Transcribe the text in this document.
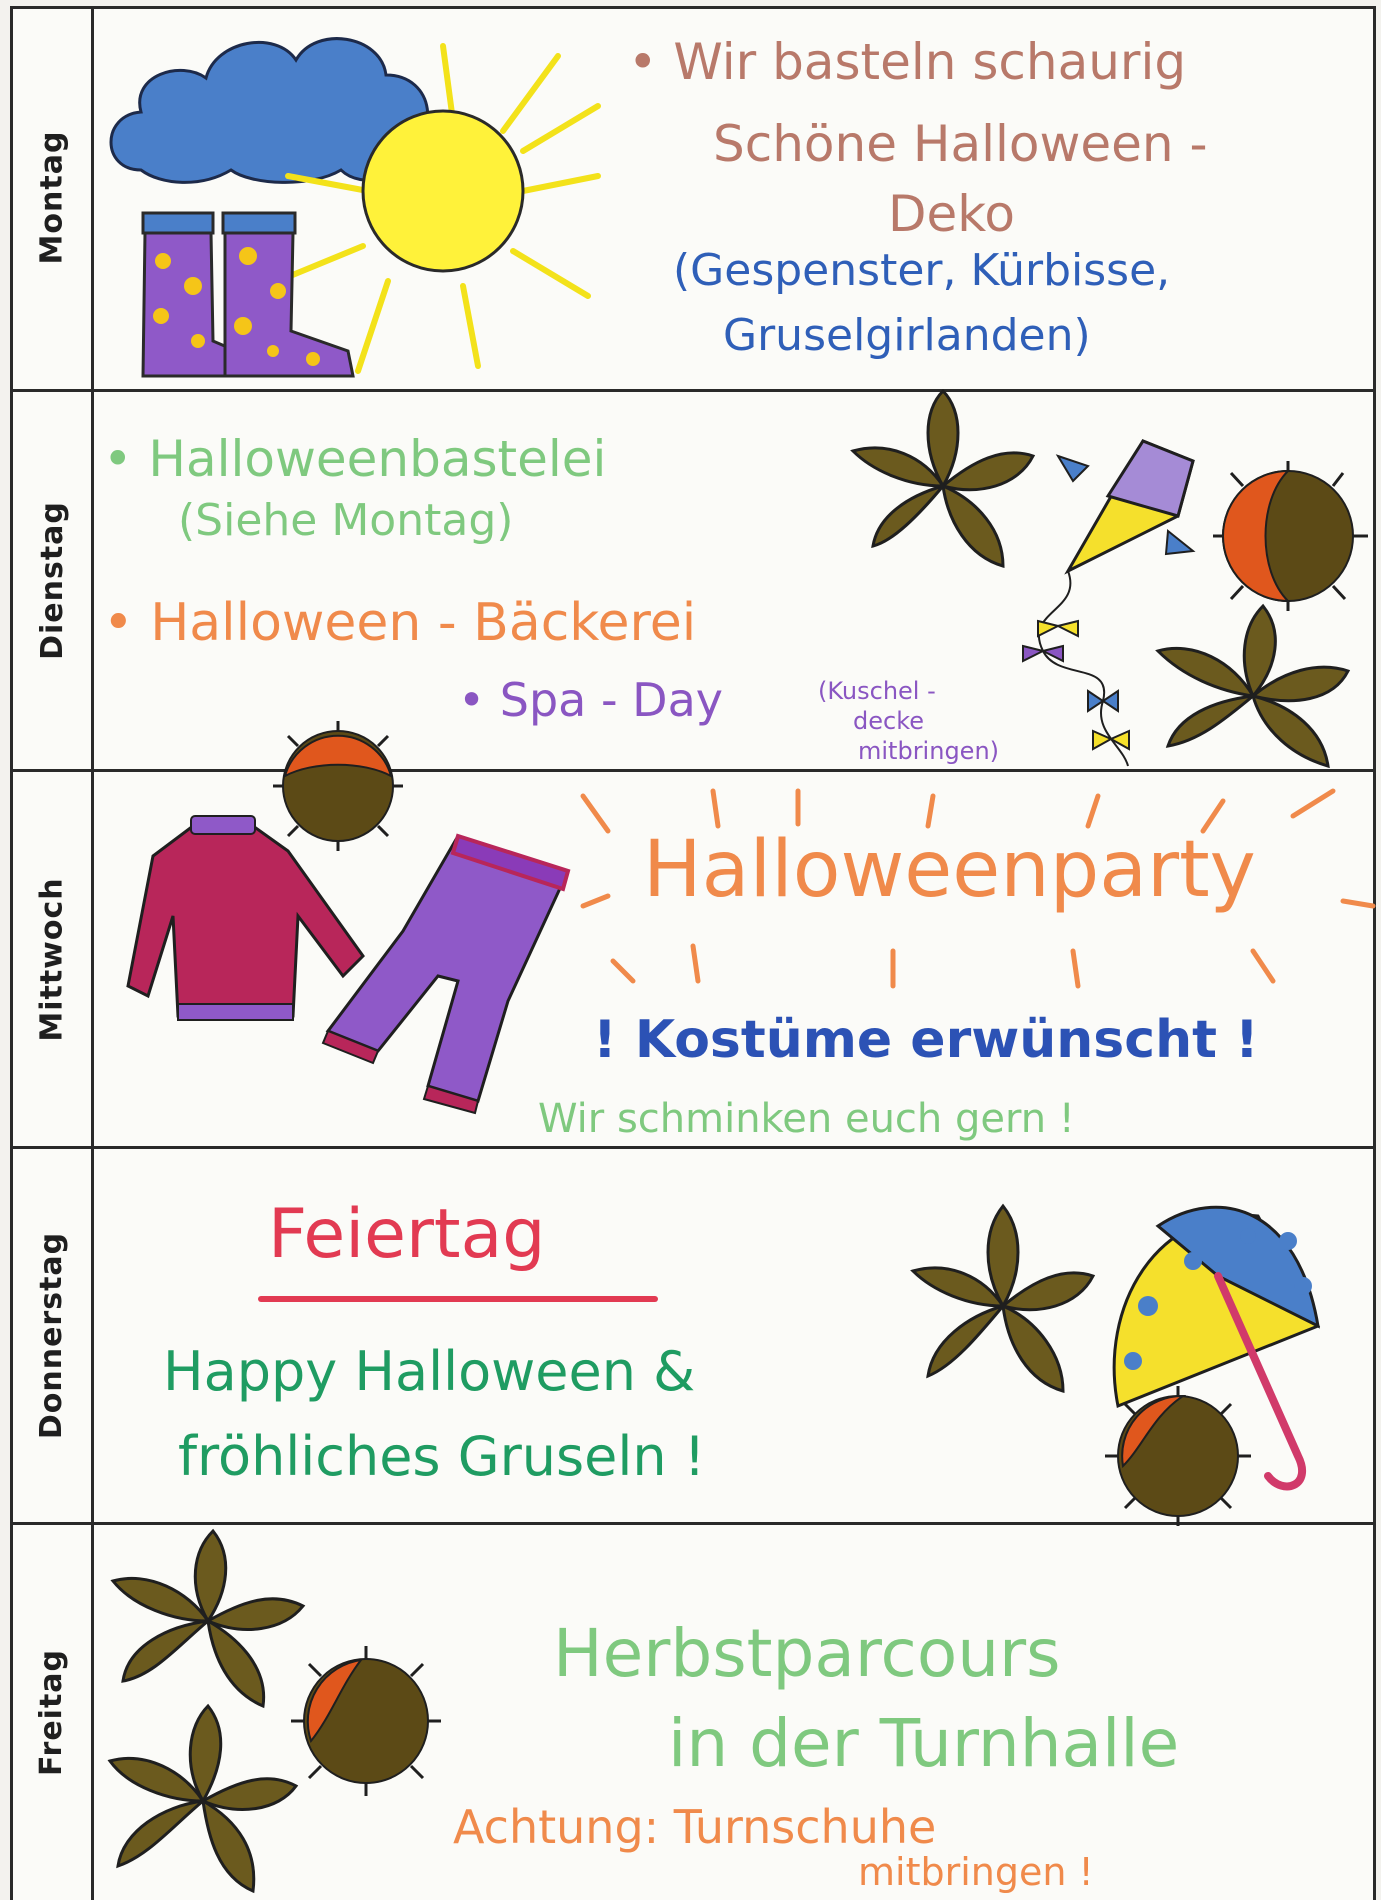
Montag
Dienstag
Mittwoch
Donnerstag
Freitag

• Wir basteln schaurig

Schöne Halloween -

Deko

(Gespenster, Kürbisse,

Gruselgirlanden)

• Halloweenbastelei

(Siehe Montag)

• Halloween - Bäckerei

• Spa - Day	(Kuschel -

decke

mitbringen)

Halloweenparty

! Kostüme erwünscht !

Wir schminken euch gern !

Feiertag

Happy Halloween &

fröhliches Gruseln !

Herbstparcours

in der Turnhalle

Achtung: Turnschuhe

mitbringen !
